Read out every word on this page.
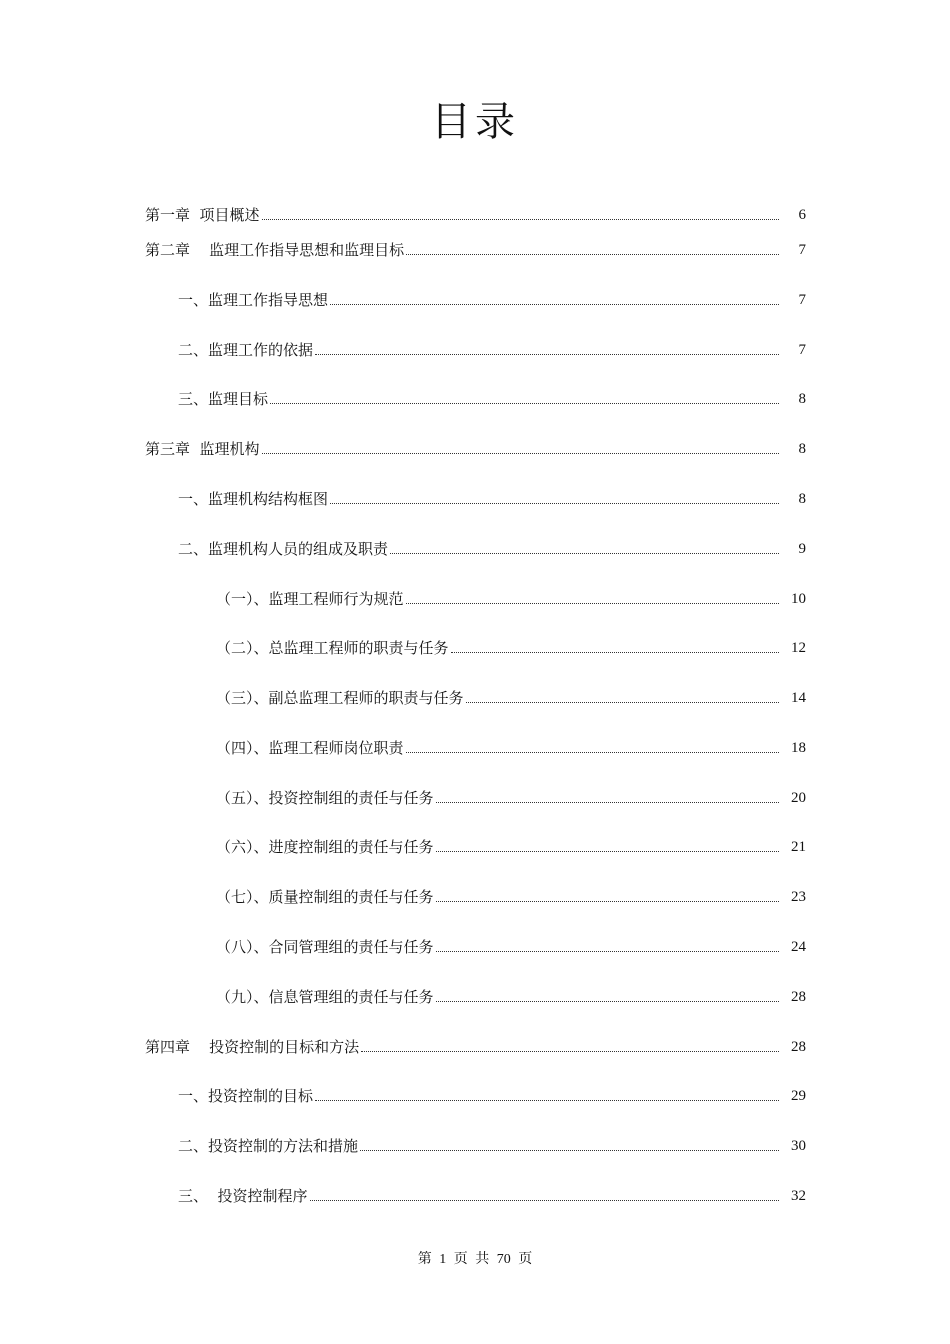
目录
第一章  项目概述	6
第二章    监理工作指导思想和监理目标	7
一、监理工作指导思想	7
二、监理工作的依据	7
三、监理目标	8
第三章  监理机构	8
一、监理机构结构框图	8
二、监理机构人员的组成及职责	9
（一）、监理工程师行为规范	10
（二）、总监理工程师的职责与任务	12
（三）、副总监理工程师的职责与任务	14
（四）、监理工程师岗位职责	18
（五）、投资控制组的责任与任务	20
（六）、进度控制组的责任与任务	21
（七）、质量控制组的责任与任务	23
（八）、合同管理组的责任与任务	24
（九）、信息管理组的责任与任务	28
第四章    投资控制的目标和方法	28
一、投资控制的目标	29
二、投资控制的方法和措施	30
三、  投资控制程序	32
第 1 页 共 70 页
